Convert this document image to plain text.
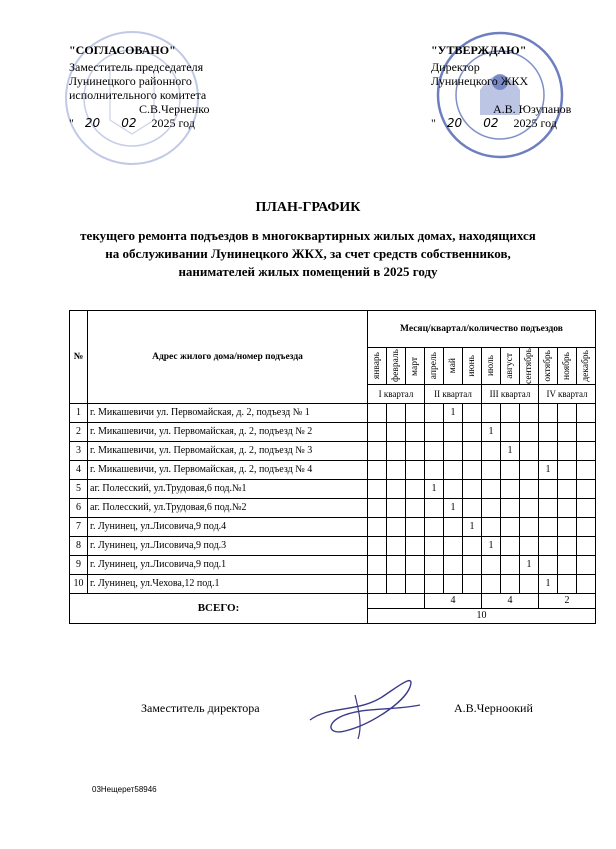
"СОГЛАСОВАНО"
Заместитель председателя
Лунинецкого районного
исполнительного комитета
С.В.Черненко
" 20 02 2025 год
"УТВЕРЖДАЮ"
Директор
Лунинецкого ЖКХ
А.В. Юзупанов
" 20 02 2025 год
ПЛАН-ГРАФИК
текущего ремонта подъездов в многоквартирных жилых домах, находящихся
на обслуживании Лунинецкого ЖКХ, за счет средств собственников,
нанимателей жилых помещений в 2025 году
№	Адрес жилого дома/номер подъезда	Месяц/квартал/количество подъездов											

		январь	февраль	март	апрель	май	июнь	июль	август	сентябрь	октябрь	ноябрь	декабрь

		I квартал			II квартал			III квартал			IV квартал		
1	г. Микашевичи ул. Первомайская, д. 2, подъезд № 1					1							
2	г. Микашевичи, ул. Первомайская, д. 2, подъезд № 2							1					
3	г. Микашевичи, ул. Первомайская, д. 2, подъезд № 3								1				
4	г. Микашевичи, ул. Первомайская, д. 2, подъезд № 4										1		
5	аг. Полесский, ул.Трудовая,6 под.№1				1								
6	аг. Полесский, ул.Трудовая,6 под.№2					1							
7	г. Лунинец, ул.Лисовича,9 под.4						1						
8	г. Лунинец, ул.Лисовича,9 под.3							1					
9	г. Лунинец, ул.Лисовича,9 под.1									1			
10	г. Лунинец, ул.Чехова,12 под.1										1		
ВСЕГО:					4			4			2		
		10											
Заместитель директора	А.В.Черноокий
03Нещерет58946
